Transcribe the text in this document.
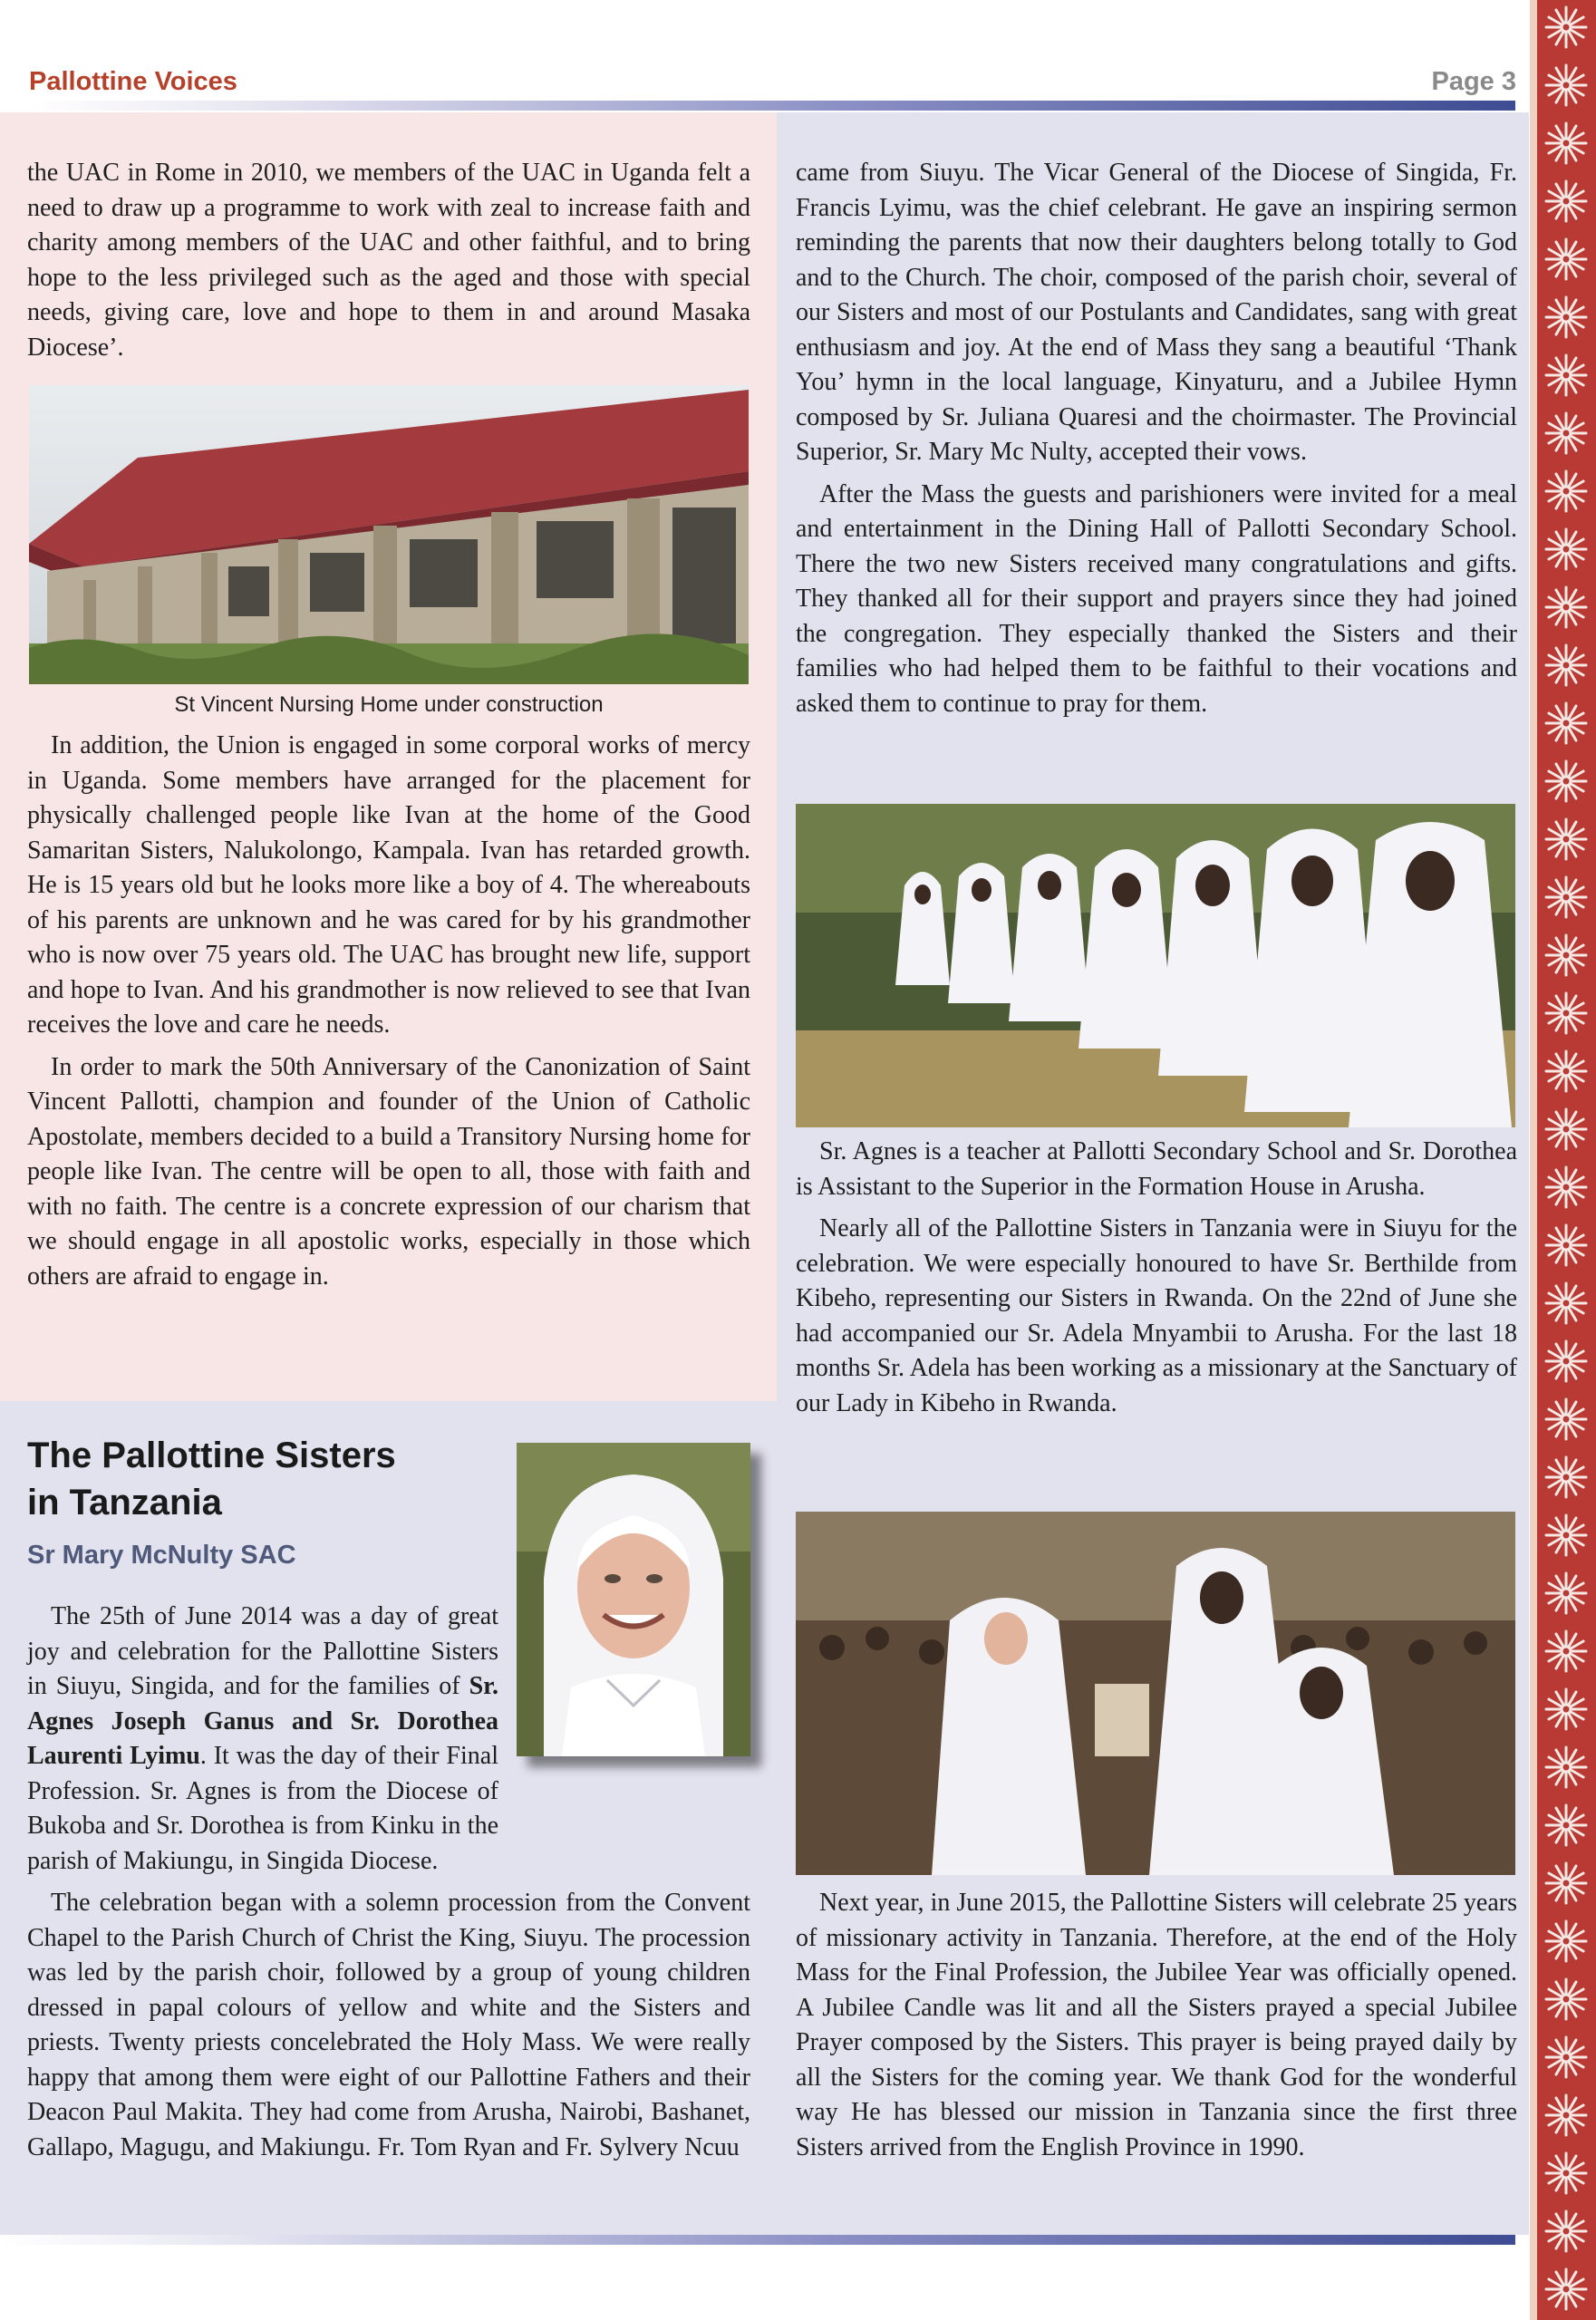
Pallottine Voices	Page 3

the UAC in Rome in 2010, we members of the UAC in Uganda felt a need to draw up a programme to work with zeal to increase faith and charity among members of the UAC and other faithful, and to bring hope to the less privileged such as the aged and those with special needs, giving care, love and hope to them in and around Masaka Diocese’.

St Vincent Nursing Home under construction

In addition, the Union is engaged in some corporal works of mercy in Uganda. Some members have arranged for the placement for physically challenged people like Ivan at the home of the Good Samaritan Sisters, Nalukolongo, Kampala. Ivan has retarded growth. He is 15 years old but he looks more like a boy of 4. The whereabouts of his parents are unknown and he was cared for by his grandmother who is now over 75 years old. The UAC has brought new life, support and hope to Ivan. And his grandmother is now relieved to see that Ivan receives the love and care he needs.

In order to mark the 50th Anniversary of the Canonization of Saint Vincent Pallotti, champion and founder of the Union of Catholic Apostolate, members decided to a build a Transitory Nursing home for people like Ivan. The centre will be open to all, those with faith and with no faith. The centre is a concrete expression of our charism that we should engage in all apostolic works, especially in those which others are afraid to engage in.

The Pallottine Sisters
in Tanzania
Sr Mary McNulty SAC

The 25th of June 2014 was a day of great joy and celebration for the Pallottine Sisters in Siuyu, Singida, and for the families of Sr. Agnes Joseph Ganus and Sr. Dorothea Laurenti Lyimu. It was the day of their Final Profession. Sr. Agnes is from the Diocese of Bukoba and Sr. Dorothea is from Kinku in the parish of Makiungu, in Singida Diocese.

came from Siuyu. The Vicar General of the Diocese of Singida, Fr. Francis Lyimu, was the chief celebrant. He gave an inspiring sermon reminding the parents that now their daughters belong totally to God and to the Church. The choir, composed of the parish choir, several of our Sisters and most of our Postulants and Candidates, sang with great enthusiasm and joy. At the end of Mass they sang a beautiful ‘Thank You’ hymn in the local language, Kinyaturu, and a Jubilee Hymn composed by Sr. Juliana Quaresi and the choirmaster. The Provincial Superior, Sr. Mary Mc Nulty, accepted their vows.

After the Mass the guests and parishioners were invited for a meal and entertainment in the Dining Hall of Pallotti Secondary School. There the two new Sisters received many congratulations and gifts. They thanked all for their support and prayers since they had joined the congregation. They especially thanked the Sisters and their families who had helped them to be faithful to their vocations and asked them to continue to pray for them.

Sr. Agnes is a teacher at Pallotti Secondary School and Sr. Dorothea is Assistant to the Superior in the Formation House in Arusha.

Nearly all of the Pallottine Sisters in Tanzania were in Siuyu for the celebration. We were especially honoured to have Sr. Berthilde from Kibeho, representing our Sisters in Rwanda. On the 22nd of June she had accompanied our Sr. Adela Mnyambii to Arusha. For the last 18 months Sr. Adela has been working as a missionary at the Sanctuary of our Lady in Kibeho in Rwanda.

Next year, in June 2015, the Pallottine Sisters will celebrate 25 years of missionary activity in Tanzania. Therefore, at the end of the Holy Mass for the Final Profession, the Jubilee Year was officially opened. A Jubilee Candle was lit and all the Sisters prayed a special Jubilee Prayer composed by the Sisters. This prayer is being prayed daily by all the Sisters for the coming year. We thank God for the wonderful way He has blessed our mission in Tanzania since the first three Sisters arrived from the English Province in 1990.

The celebration began with a solemn procession from the Convent Chapel to the Parish Church of Christ the King, Siuyu. The procession was led by the parish choir, followed by a group of young children dressed in papal colours of yellow and white and the Sisters and priests. Twenty priests concelebrated the Holy Mass. We were really happy that among them were eight of our Pallottine Fathers and their Deacon Paul Makita. They had come from Arusha, Nairobi, Bashanet, Gallapo, Magugu, and Makiungu. Fr. Tom Ryan and Fr. Sylvery Ncuu
